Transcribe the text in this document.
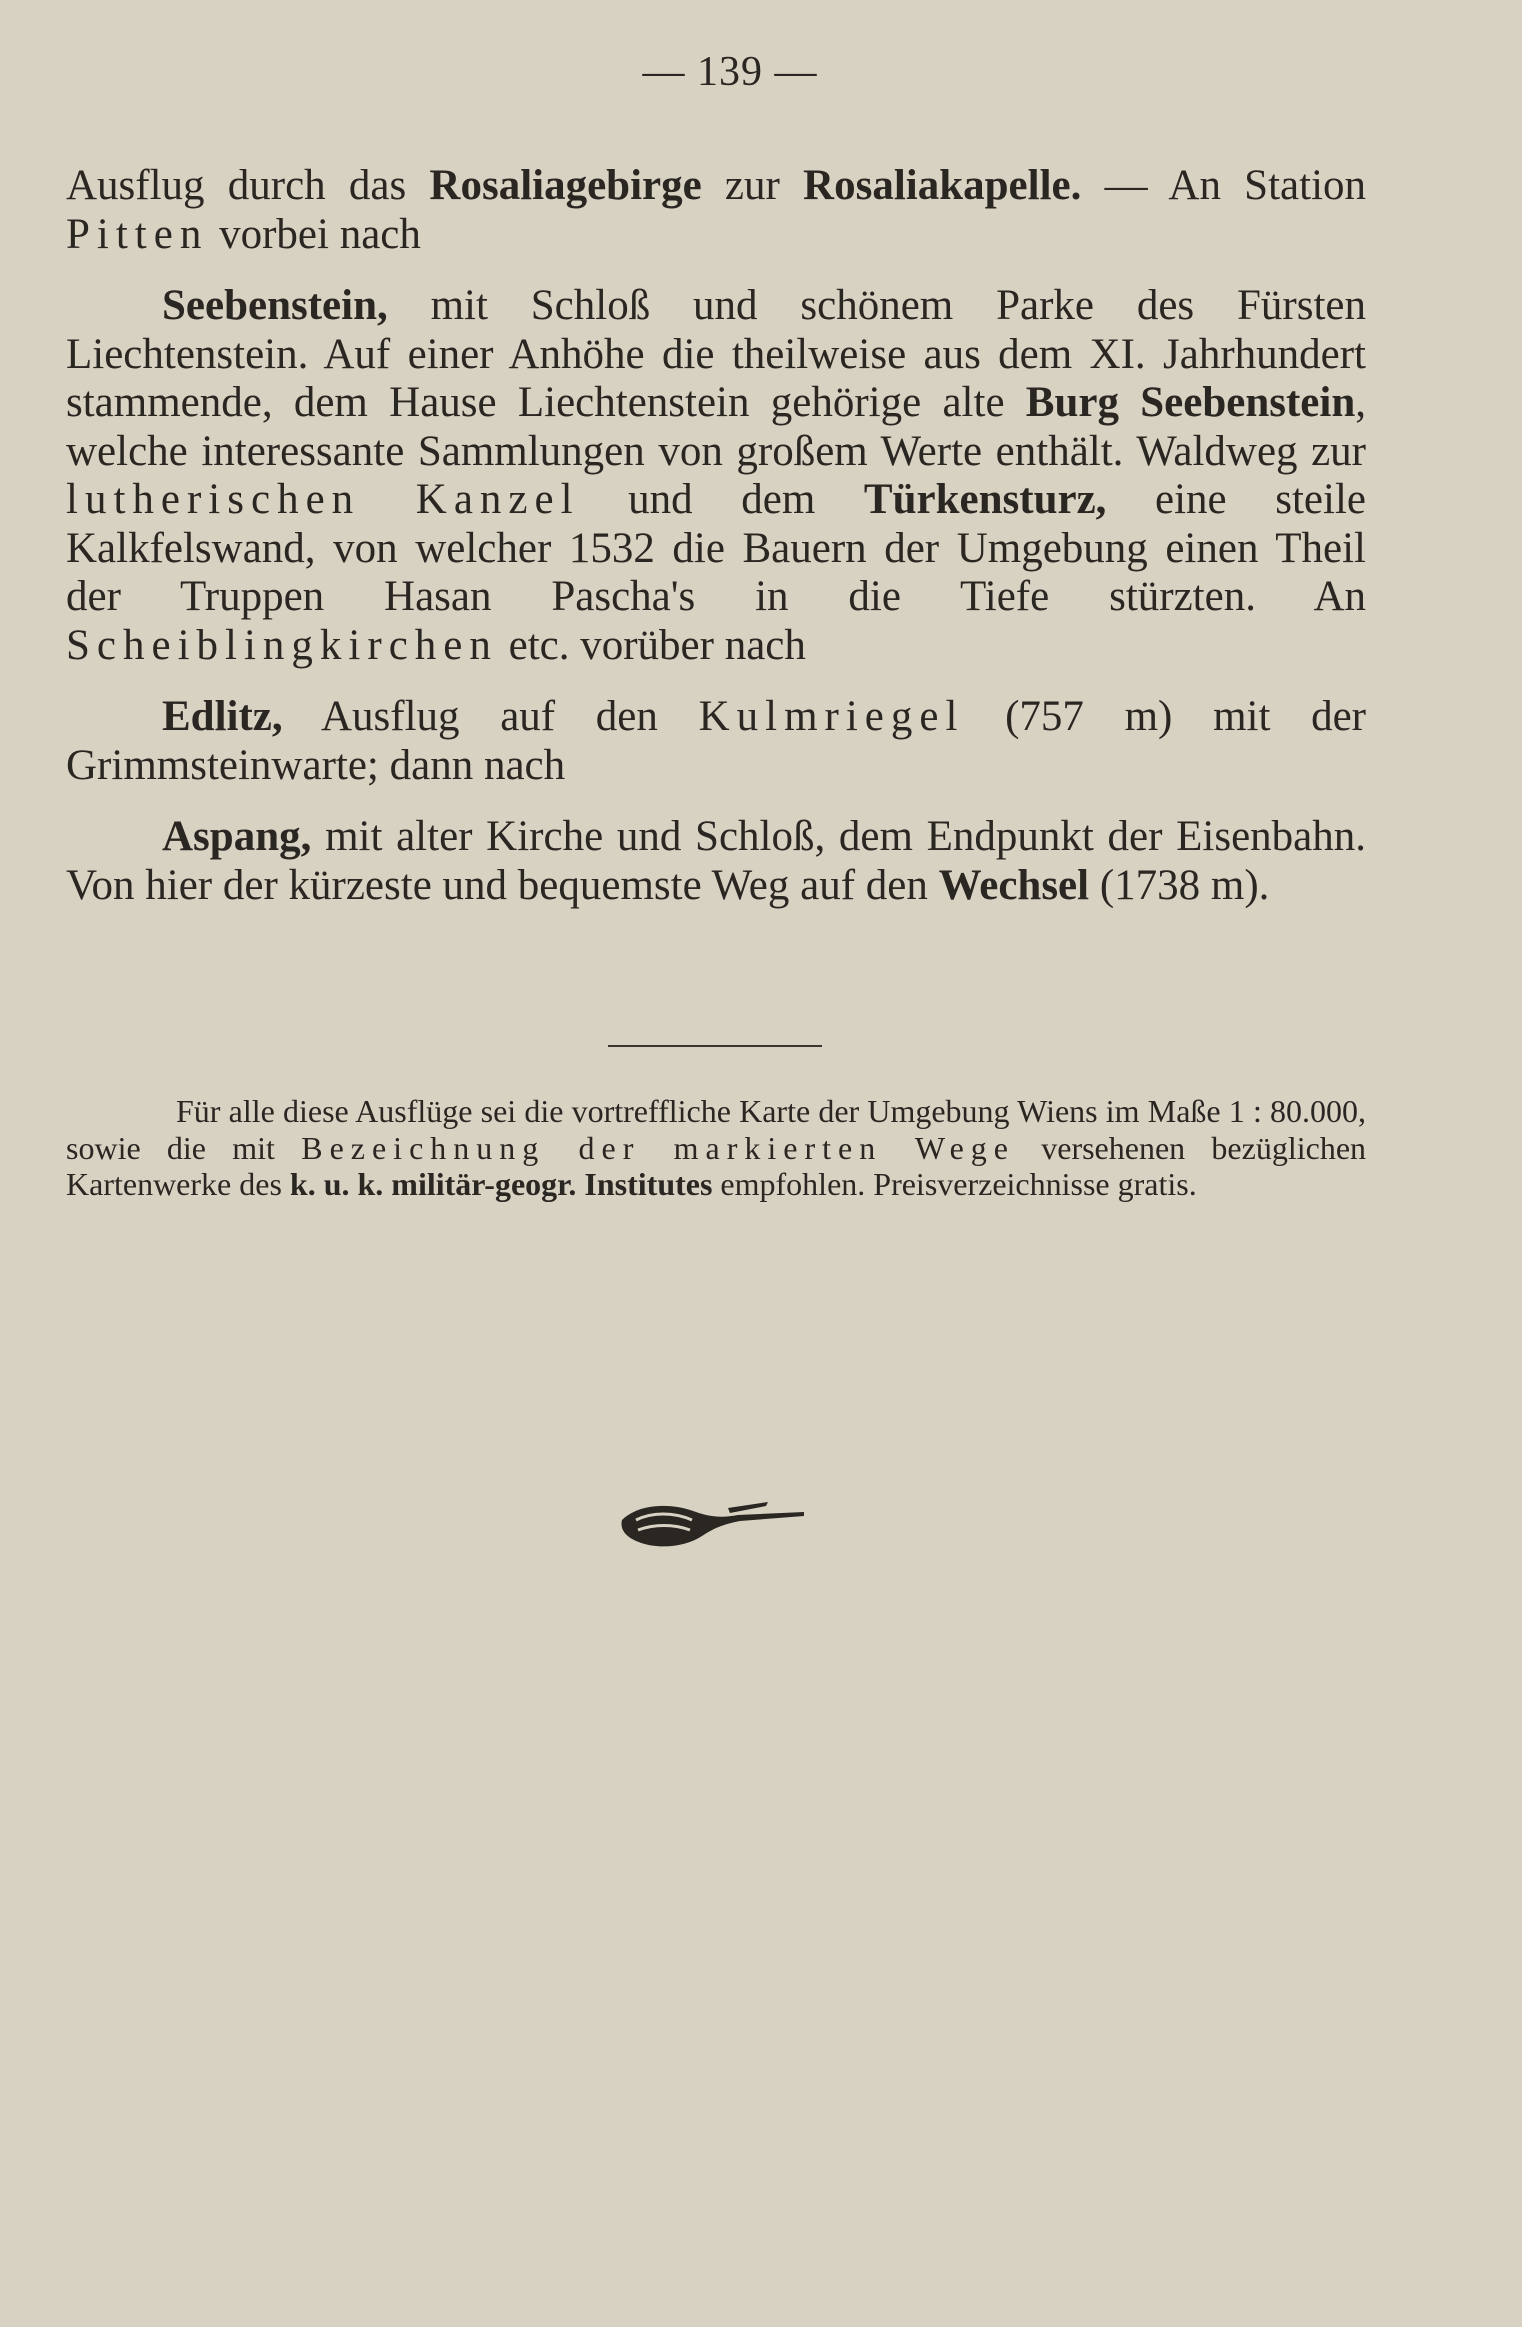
— 139 —

Ausflug durch das Rosaliagebirge zur Rosaliakapelle. — An Station Pitten vorbei nach

Seebenstein, mit Schloß und schönem Parke des Fürsten Liechtenstein. Auf einer Anhöhe die theilweise aus dem XI. Jahrhundert stammende, dem Hause Liechtenstein gehörige alte Burg Seebenstein, welche interessante Sammlungen von großem Werte enthält. Waldweg zur lutherischen Kanzel und dem Türkensturz, eine steile Kalkfelswand, von welcher 1532 die Bauern der Umgebung einen Theil der Truppen Hasan Pascha's in die Tiefe stürzten. An Scheiblingkirchen etc. vorüber nach

Edlitz, Ausflug auf den Kulmriegel (757 m) mit der Grimmsteinwarte; dann nach

Aspang, mit alter Kirche und Schloß, dem Endpunkt der Eisenbahn. Von hier der kürzeste und bequemste Weg auf den Wechsel (1738 m).

Für alle diese Ausflüge sei die vortreffliche Karte der Umgebung Wiens im Maße 1 : 80.000, sowie die mit Bezeichnung der markierten Wege versehenen bezüglichen Kartenwerke des k. u. k. militär-geogr. Institutes empfohlen. Preisverzeichnisse gratis.
